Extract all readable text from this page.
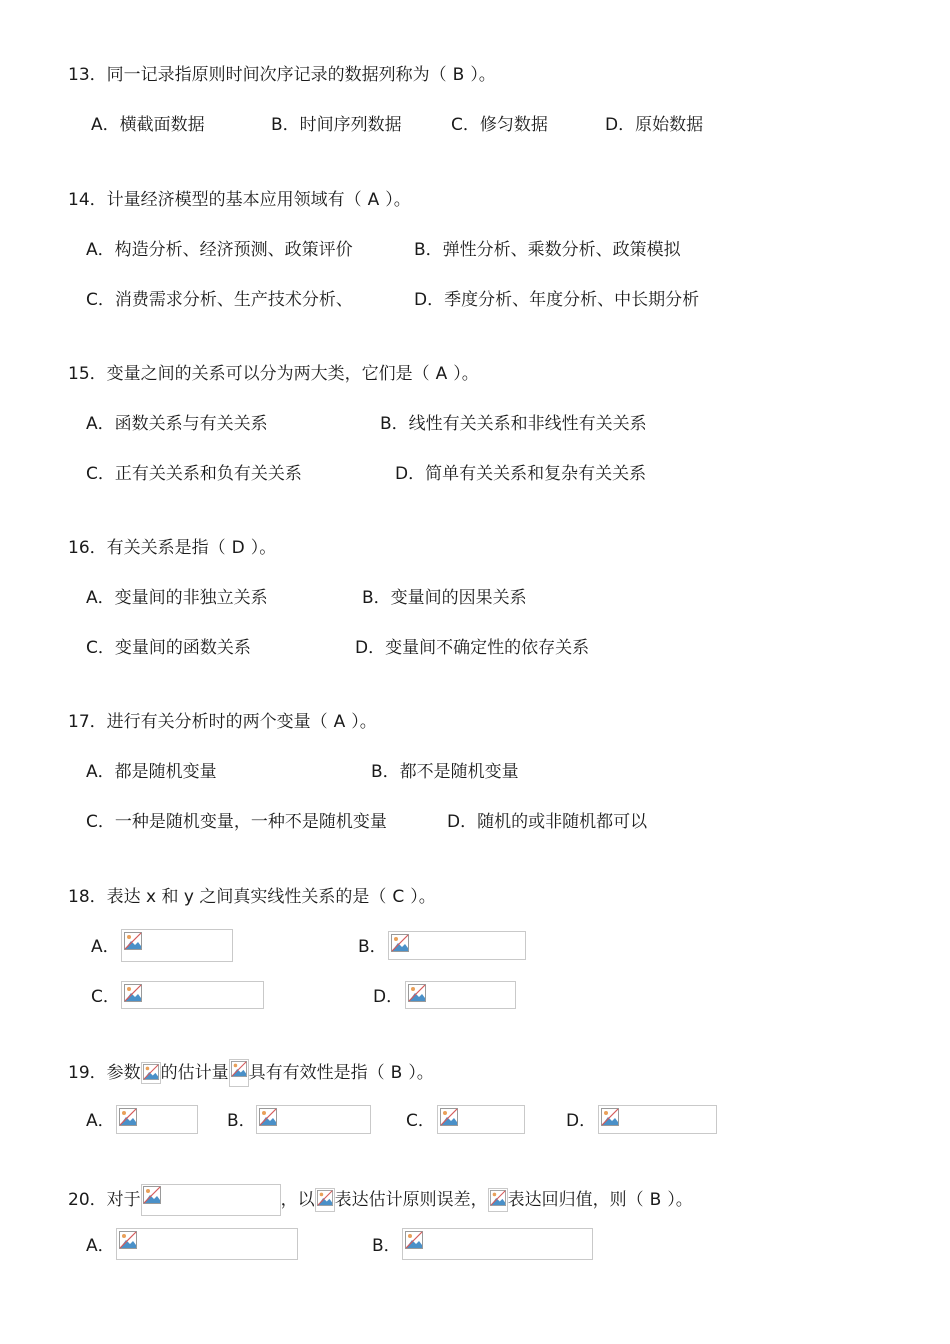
13．同一记录指原则时间次序记录的数据列称为（ B ）。
A．横截面数据	B．时间序列数据	C．修匀数据	D．原始数据
14．计量经济模型的基本应用领域有（ A ）。
A．构造分析、经济预测、政策评价	B．弹性分析、乘数分析、政策模拟
C．消费需求分析、生产技术分析、	D．季度分析、年度分析、中长期分析
15．变量之间的关系可以分为两大类，它们是（ A ）。
A．函数关系与有关关系	B．线性有关关系和非线性有关关系
C．正有关关系和负有关关系	D．简单有关关系和复杂有关关系
16．有关关系是指（ D ）。
A．变量间的非独立关系	B．变量间的因果关系
C．变量间的函数关系	D．变量间不确定性的依存关系
17．进行有关分析时的两个变量（ A ）。
A．都是随机变量	B．都不是随机变量
C．一种是随机变量，一种不是随机变量	D．随机的或非随机都可以
18．表达 x 和 y 之间真实线性关系的是（ C ）。
A．	B．
C．	D．
19．参数 的估计量 具有有效性是指（ B ）。
A．	B．	C．	D．
20．对于	，以 表达估计原则误差， 表达回归值，则（ B ）。
A．	B．
